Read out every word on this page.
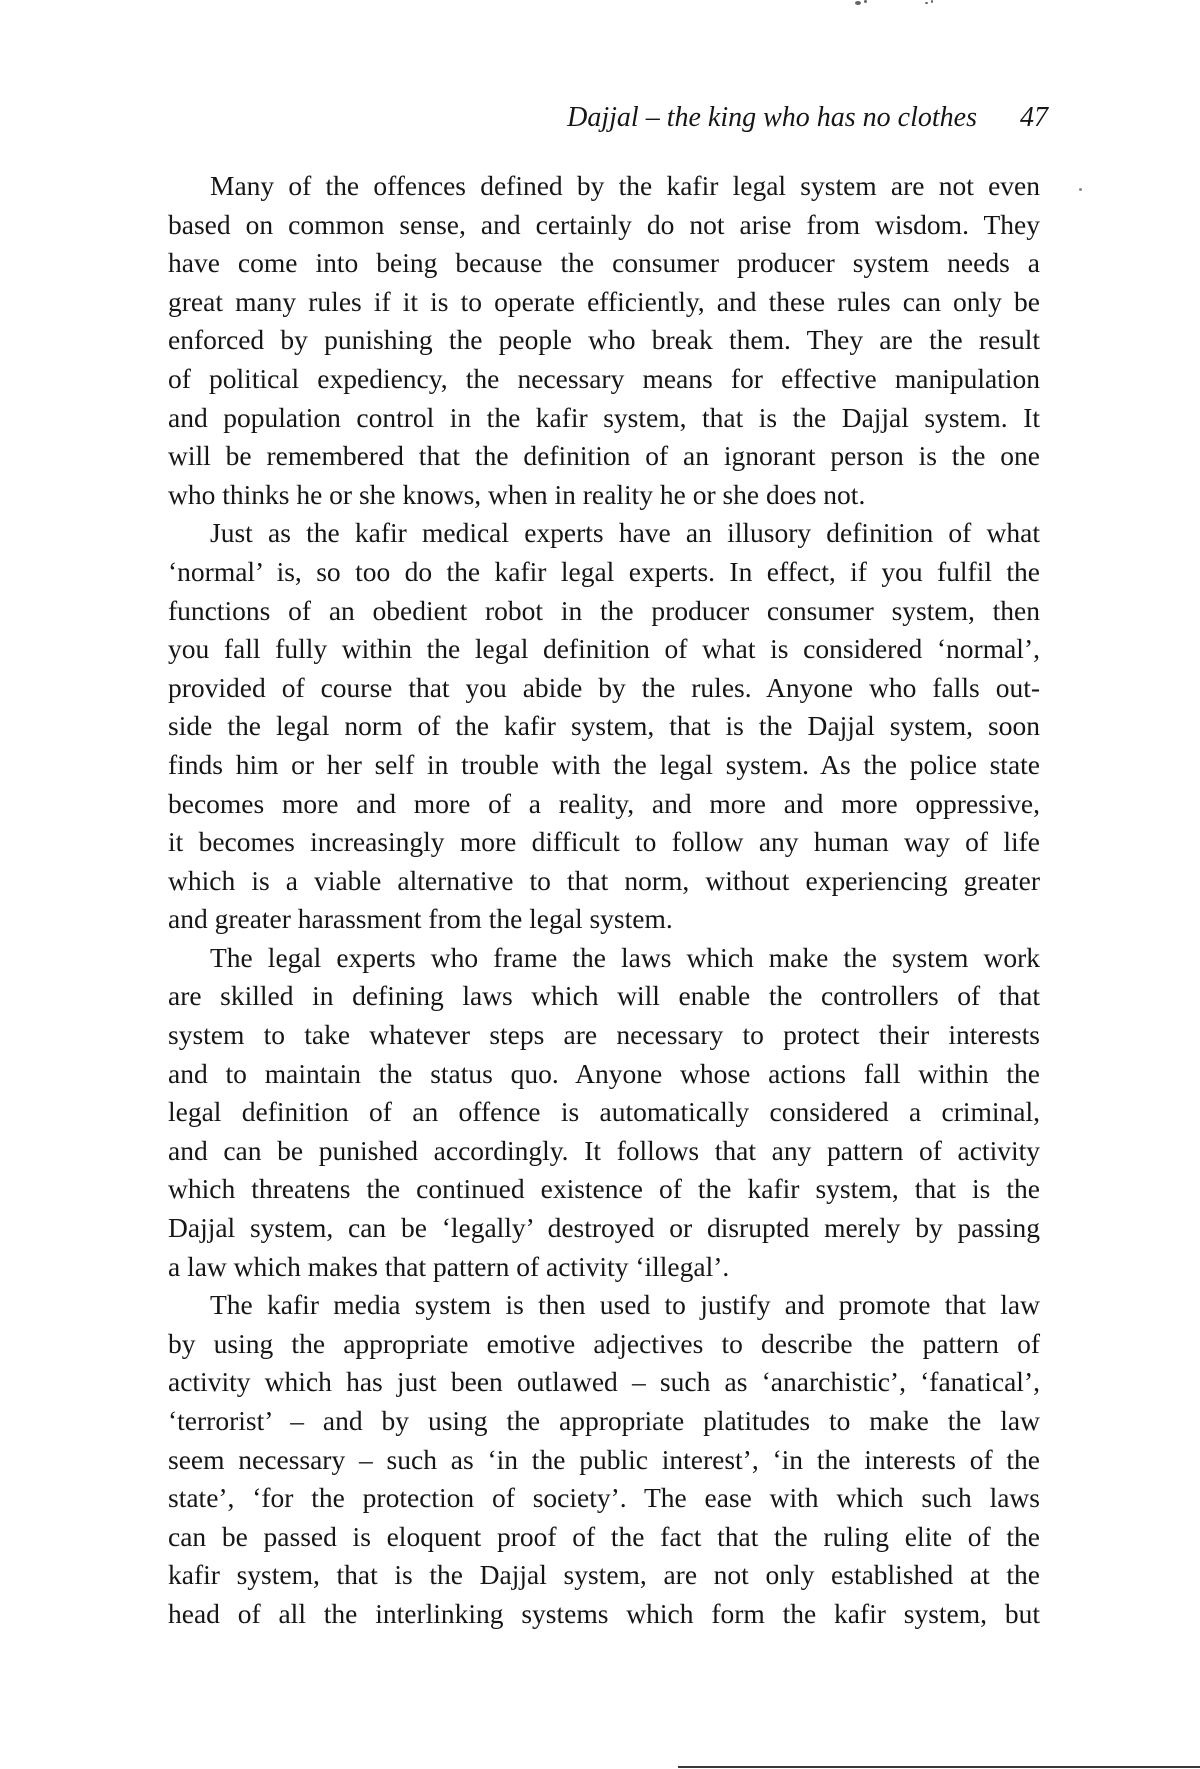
Dajjal – the king who has no clothes 47

Many of the offences defined by the kafir legal system are not even
based on common sense, and certainly do not arise from wisdom. They
have come into being because the consumer producer system needs a
great many rules if it is to operate efficiently, and these rules can only be
enforced by punishing the people who break them. They are the result
of political expediency, the necessary means for effective manipulation
and population control in the kafir system, that is the Dajjal system. It
will be remembered that the definition of an ignorant person is the one
who thinks he or she knows, when in reality he or she does not.

Just as the kafir medical experts have an illusory definition of what
‘normal’ is, so too do the kafir legal experts. In effect, if you fulfil the
functions of an obedient robot in the producer consumer system, then
you fall fully within the legal definition of what is considered ‘normal’,
provided of course that you abide by the rules. Anyone who falls out-
side the legal norm of the kafir system, that is the Dajjal system, soon
finds him or her self in trouble with the legal system. As the police state
becomes more and more of a reality, and more and more oppressive,
it becomes increasingly more difficult to follow any human way of life
which is a viable alternative to that norm, without experiencing greater
and greater harassment from the legal system.

The legal experts who frame the laws which make the system work
are skilled in defining laws which will enable the controllers of that
system to take whatever steps are necessary to protect their interests
and to maintain the status quo. Anyone whose actions fall within the
legal definition of an offence is automatically considered a criminal,
and can be punished accordingly. It follows that any pattern of activity
which threatens the continued existence of the kafir system, that is the
Dajjal system, can be ‘legally’ destroyed or disrupted merely by passing
a law which makes that pattern of activity ‘illegal’.

The kafir media system is then used to justify and promote that law
by using the appropriate emotive adjectives to describe the pattern of
activity which has just been outlawed – such as ‘anarchistic’, ‘fanatical’,
‘terrorist’ – and by using the appropriate platitudes to make the law
seem necessary – such as ‘in the public interest’, ‘in the interests of the
state’, ‘for the protection of society’. The ease with which such laws
can be passed is eloquent proof of the fact that the ruling elite of the
kafir system, that is the Dajjal system, are not only established at the
head of all the interlinking systems which form the kafir system, but
